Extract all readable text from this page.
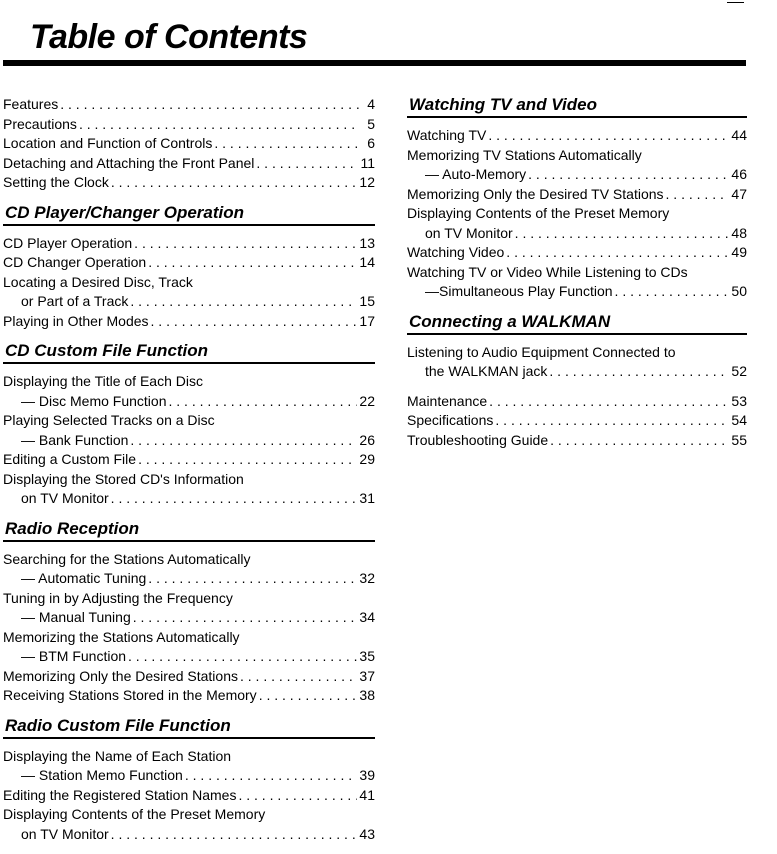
Table of Contents
Features . . .	4
Precautions . . .	5
Location and Function of Controls . . .	6
Detaching and Attaching the Front Panel . . .	11
Setting the Clock . . .	12
CD Player/Changer Operation
CD Player Operation . . .	13
CD Changer Operation . . .	14
Locating a Desired Disc, Track
or Part of a Track . . .	15
Playing in Other Modes . . .	17
CD Custom File Function
Displaying the Title of Each Disc
— Disc Memo Function . . .	22
Playing Selected Tracks on a Disc
— Bank Function . . .	26
Editing a Custom File . . .	29
Displaying the Stored CD's Information
on TV Monitor . . .	31
Radio Reception
Searching for the Stations Automatically
— Automatic Tuning . . .	32
Tuning in by Adjusting the Frequency
— Manual Tuning . . .	34
Memorizing the Stations Automatically
— BTM Function . . .	35
Memorizing Only the Desired Stations . . .	37
Receiving Stations Stored in the Memory . . .	38
Radio Custom File Function
Displaying the Name of Each Station
— Station Memo Function . . .	39
Editing the Registered Station Names . . .	41
Displaying Contents of the Preset Memory
on TV Monitor . . .	43
Watching TV and Video
Watching TV . . .	44
Memorizing TV Stations Automatically
— Auto-Memory . . .	46
Memorizing Only the Desired TV Stations . . .	47
Displaying Contents of the Preset Memory
on TV Monitor . . .	48
Watching Video . . .	49
Watching TV or Video While Listening to CDs
—Simultaneous Play Function . . .	50
Connecting a WALKMAN
Listening to Audio Equipment Connected to
the WALKMAN jack . . .	52
Maintenance . . .	53
Specifications . . .	54
Troubleshooting Guide . . .	55
